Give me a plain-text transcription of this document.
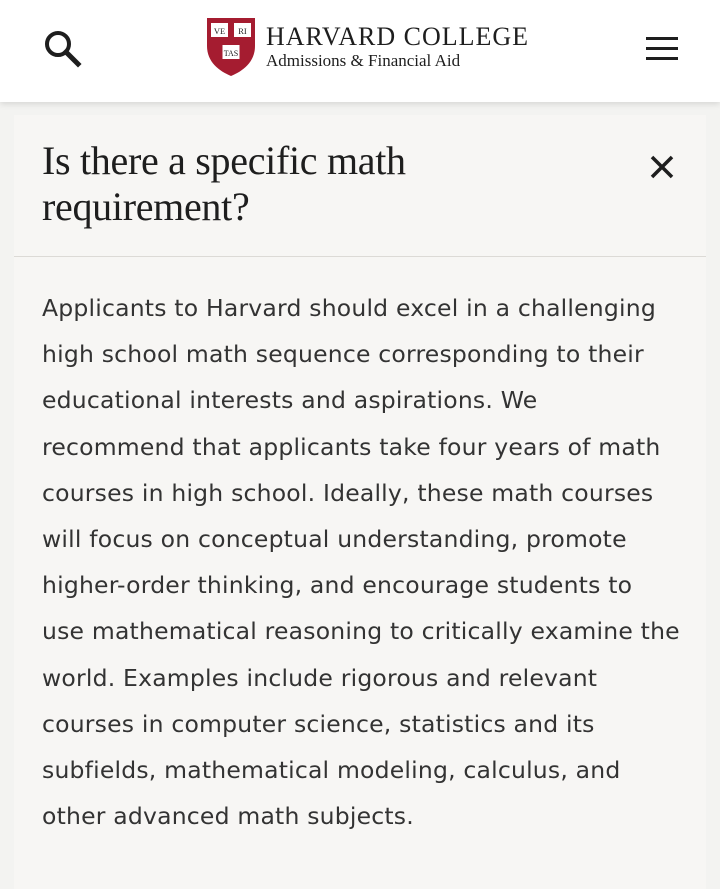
VE RI
TAS
HARVARD COLLEGE
Admissions & Financial Aid
Is there a specific math requirement?

Applicants to Harvard should excel in a challenging high school math sequence corresponding to their educational interests and aspirations. We recommend that applicants take four years of math courses in high school. Ideally, these math courses will focus on conceptual understanding, promote higher-order thinking, and encourage students to use mathematical reasoning to critically examine the world. Examples include rigorous and relevant courses in computer science, statistics and its subfields, mathematical modeling, calculus, and other advanced math subjects.
